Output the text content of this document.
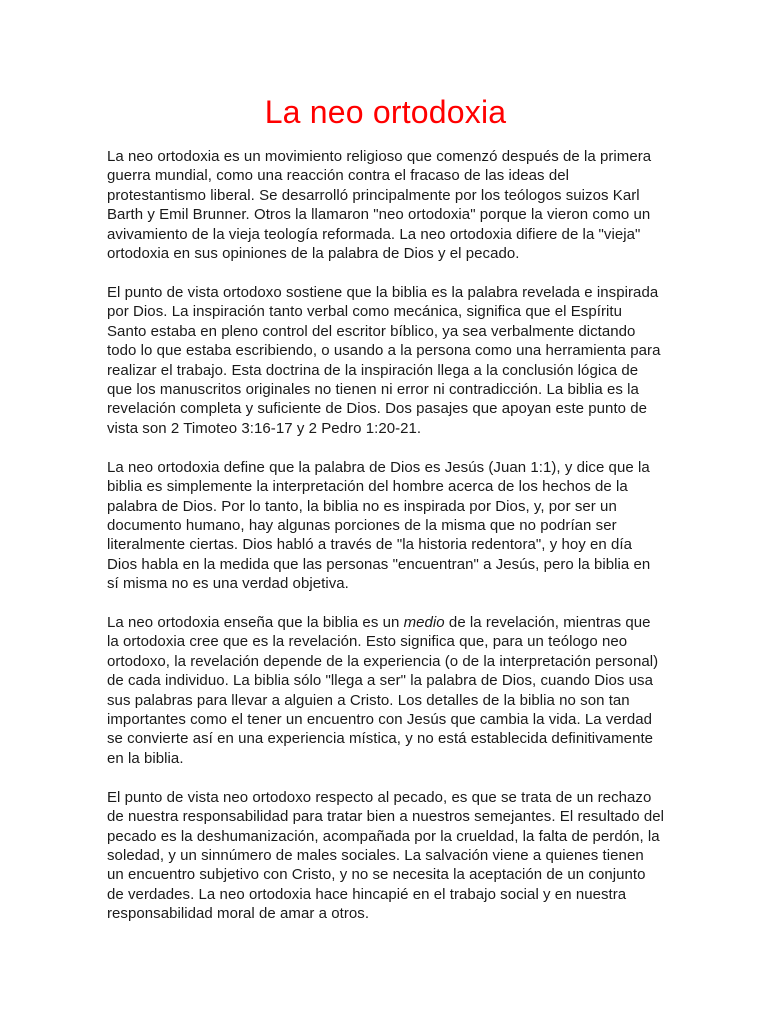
La neo ortodoxia

La neo ortodoxia es un movimiento religioso que comenzó después de la primera guerra mundial, como una reacción contra el fracaso de las ideas del protestantismo liberal. Se desarrolló principalmente por los teólogos suizos Karl Barth y Emil Brunner. Otros la llamaron "neo ortodoxia" porque la vieron como un avivamiento de la vieja teología reformada. La neo ortodoxia difiere de la "vieja" ortodoxia en sus opiniones de la palabra de Dios y el pecado.

El punto de vista ortodoxo sostiene que la biblia es la palabra revelada e inspirada por Dios. La inspiración tanto verbal como mecánica, significa que el Espíritu Santo estaba en pleno control del escritor bíblico, ya sea verbalmente dictando todo lo que estaba escribiendo, o usando a la persona como una herramienta para realizar el trabajo. Esta doctrina de la inspiración llega a la conclusión lógica de que los manuscritos originales no tienen ni error ni contradicción. La biblia es la revelación completa y suficiente de Dios. Dos pasajes que apoyan este punto de vista son 2 Timoteo 3:16-17 y 2 Pedro 1:20-21.

La neo ortodoxia define que la palabra de Dios es Jesús (Juan 1:1), y dice que la biblia es simplemente la interpretación del hombre acerca de los hechos de la palabra de Dios. Por lo tanto, la biblia no es inspirada por Dios, y, por ser un documento humano, hay algunas porciones de la misma que no podrían ser literalmente ciertas. Dios habló a través de "la historia redentora", y hoy en día Dios habla en la medida que las personas "encuentran" a Jesús, pero la biblia en sí misma no es una verdad objetiva.

La neo ortodoxia enseña que la biblia es un medio de la revelación, mientras que la ortodoxia cree que es la revelación. Esto significa que, para un teólogo neo ortodoxo, la revelación depende de la experiencia (o de la interpretación personal) de cada individuo. La biblia sólo "llega a ser" la palabra de Dios, cuando Dios usa sus palabras para llevar a alguien a Cristo. Los detalles de la biblia no son tan importantes como el tener un encuentro con Jesús que cambia la vida. La verdad se convierte así en una experiencia mística, y no está establecida definitivamente en la biblia.

El punto de vista neo ortodoxo respecto al pecado, es que se trata de un rechazo de nuestra responsabilidad para tratar bien a nuestros semejantes. El resultado del pecado es la deshumanización, acompañada por la crueldad, la falta de perdón, la soledad, y un sinnúmero de males sociales. La salvación viene a quienes tienen un encuentro subjetivo con Cristo, y no se necesita la aceptación de un conjunto de verdades. La neo ortodoxia hace hincapié en el trabajo social y en nuestra responsabilidad moral de amar a otros.
